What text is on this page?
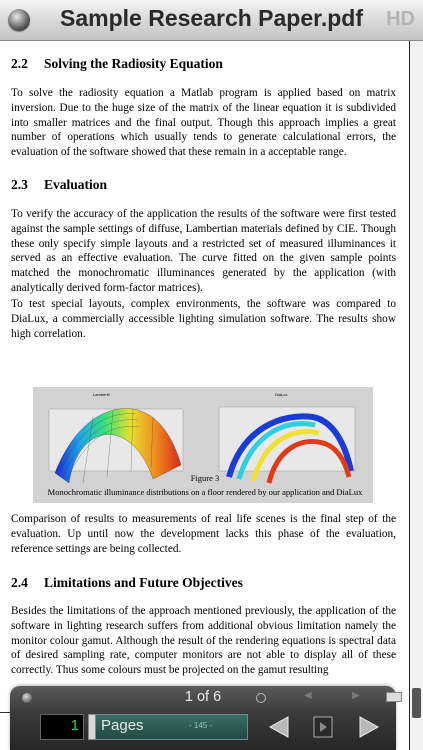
Sample Research Paper.pdf	HD
2.2 Solving the Radiosity Equation

To solve the radiosity equation a Matlab program is applied based on matrix inversion. Due to the huge size of the matrix of the linear equation it is subdivided into smaller matrices and the final output. Though this approach implies a great number of operations which usually tends to generate calculational errors, the evaluation of the software showed that these remain in a acceptable range.

2.3 Evaluation

To verify the accuracy of the application the results of the software were first tested against the sample settings of diffuse, Lambertian materials defined by CIE. Though these only specify simple layouts and a restricted set of measured illuminances it served as an effective evaluation. The curve fitted on the given sample points matched the monochromatic illuminances generated by the application (with analytically derived form-factor matrices).

To test special layouts, complex environments, the software was compared to DiaLux, a commercially accessible lighting simulation software. The results show high correlation.

Lambertii	DiaLux
Figure 3
Monochromatic illuminance distributions on a floor rendered by our application and DiaLux

Comparison of results to measurements of real life scenes is the final step of the evaluation. Up until now the development lacks this phase of the evaluation, reference settings are being collected.

2.4 Limitations and Future Objectives

Besides the limitations of the approach mentioned previously, the application of the software in lighting research suffers from additional obvious limitation namely the monitor colour gamut. Although the result of the rendering equations is spectral data of desired sampling rate, computer monitors are not able to display all of these correctly. Thus some colours must be projected on the gamut resulting

1 of 6	◀	▶
1 Pages	- 145 -
